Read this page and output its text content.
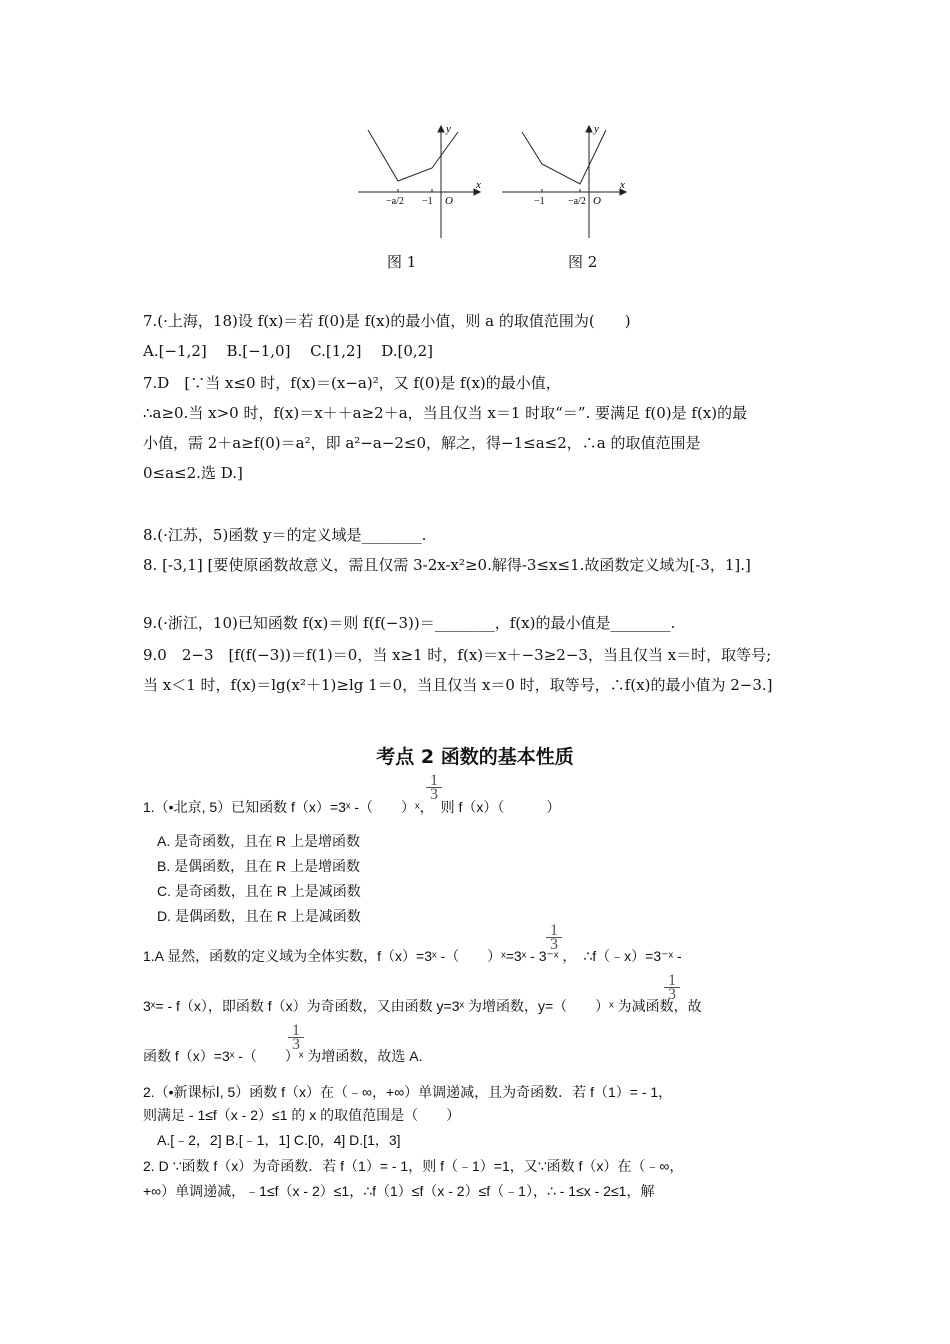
x
y
O
−a/2 −1
x
y
O
−a/2
−1
图 1	图 2
7.(·上海，18)设 f(x)＝若 f(0)是 f(x)的最小值，则 a 的取值范围为(　　)
A.[−1,2]　 B.[−1,0]　 C.[1,2]　 D.[0,2]
7.D　[∵当 x≤0 时，f(x)＝(x−a)²，又 f(0)是 f(x)的最小值，
∴a≥0.当 x>0 时，f(x)＝x＋＋a≥2＋a，当且仅当 x＝1 时取“＝”. 要满足 f(0)是 f(x)的最
小值，需 2＋a≥f(0)＝a²，即 a²−a−2≤0，解之，得−1≤a≤2，∴a 的取值范围是
0≤a≤2.选 D.]
8.(·江苏，5)函数 y＝的定义域是________.
8. [-3,1] [要使原函数故意义，需且仅需 3-2x-x²≥0.解得-3≤x≤1.故函数定义域为[-3，1].]
9.(·浙江，10)已知函数 f(x)＝则 f(f(−3))＝________，f(x)的最小值是________.
9.0　2−3　[f(f(−3))＝f(1)＝0，当 x≥1 时，f(x)＝x＋−3≥2−3，当且仅当 x＝时，取等号;
当 x＜1 时，f(x)＝lg(x²＋1)≥lg 1＝0，当且仅当 x＝0 时，取等号，∴f(x)的最小值为 2−3.]
考点 2 函数的基本性质
1.（•北京, 5）已知函数 f（x）=3ˣ -（　　）ˣ，　则 f（x）（　　　）
$\frac{1}{3}$
A. 是奇函数，且在 R 上是增函数
B. 是偶函数，且在 R 上是增函数
C. 是奇函数，且在 R 上是减函数
D. 是偶函数，且在 R 上是减函数
1.A 显然，函数的定义域为全体实数，f（x）=3ˣ -（　　）ˣ=3ˣ - 3⁻ˣ ，　∴f（﹣x）=3⁻ˣ -
$\frac{1}{3}$
3ˣ= - f（x），即函数 f（x）为奇函数，又由函数 y=3ˣ 为增函数，y=（　　）ˣ 为减函数，故
$\frac{1}{3}$
函数 f（x）=3ˣ -（　　）ˣ 为增函数，故选 A.
$\frac{1}{3}$
2.（•新课标Ⅰ, 5）函数 f（x）在（﹣∞，+∞）单调递减，且为奇函数．若 f（1）= - 1，
则满足 - 1≤f（x - 2）≤1 的 x 的取值范围是（　　）
A.[﹣2，2] B.[﹣1，1] C.[0，4] D.[1，3]
2. D ∵函数 f（x）为奇函数．若 f（1）= - 1，则 f（﹣1）=1，又∵函数 f（x）在（﹣∞，
+∞）单调递减，﹣1≤f（x - 2）≤1，∴f（1）≤f（x - 2）≤f（﹣1），∴ - 1≤x - 2≤1，解
